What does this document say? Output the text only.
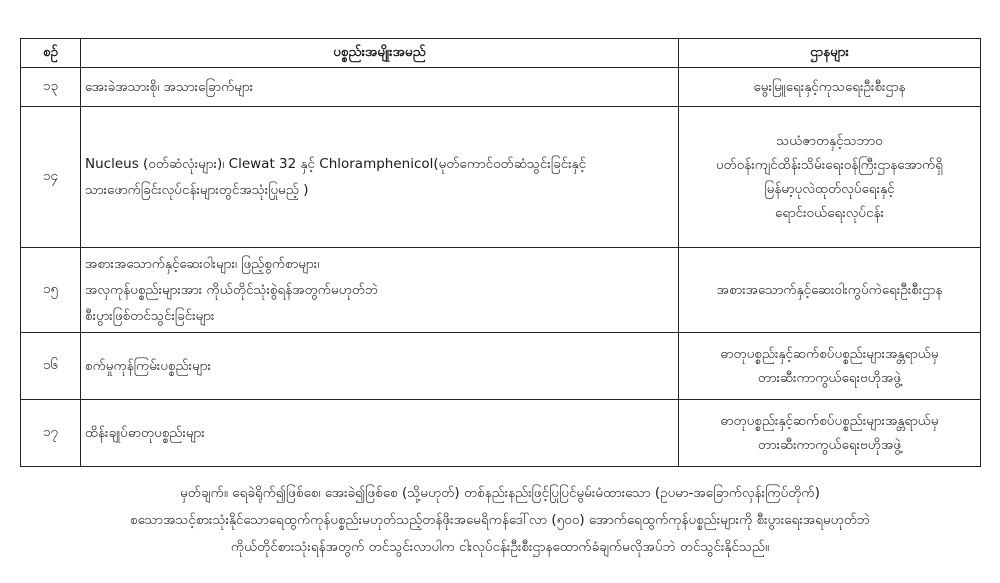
စဉ်	ပစ္စည်းအမျိုးအမည်	ဌာနများ
၁၃	အေးခဲအသားစို၊ အသားခြောက်များ	မွေးမြူရေးနှင့်ကုသရေးဦးစီးဌာန

၁၄	Nucleus (ဝတ်ဆံလုံးများ)၊ Clewat 32 နှင့် Chloramphenicol(မုတ်ကောင်ဝတ်ဆံသွင်းခြင်းနှင့်
သားဖောက်ခြင်းလုပ်ငန်းများတွင်အသုံးပြုမည့် )	သယံဇာတနှင့်သဘာဝ
ပတ်ဝန်းကျင်ထိန်းသိမ်းရေးဝန်ကြီးဌာနအောက်ရှိ
မြန်မာ့ပုလဲထုတ်လုပ်ရေးနှင့်
ရောင်းဝယ်ရေးလုပ်ငန်း

၁၅	အစားအသောက်နှင့်ဆေးဝါးများ၊ ဖြည့်စွက်စာများ၊
အလှကုန်ပစ္စည်းများအား ကိုယ်တိုင်သုံးစွဲရန်အတွက်မဟုတ်ဘဲ
စီးပွားဖြစ်တင်သွင်းခြင်းများ	အစားအသောက်နှင့်ဆေးဝါးကွပ်ကဲရေးဦးစီးဌာန

၁၆	စက်မှုကုန်ကြမ်းပစ္စည်းများ	ဓာတုပစ္စည်းနှင့်ဆက်စပ်ပစ္စည်းများအန္တရာယ်မှ
တားဆီးကာကွယ်ရေးဗဟိုအဖွဲ့

၁၇	ထိန်းချုပ်ဓာတုပစ္စည်းများ	ဓာတုပစ္စည်းနှင့်ဆက်စပ်ပစ္စည်းများအန္တရာယ်မှ
တားဆီးကာကွယ်ရေးဗဟိုအဖွဲ့
မှတ်ချက်။ ရေခဲရိုက်၍ဖြစ်စေ၊ အေးခဲ၍ဖြစ်စေ (သို့မဟုတ်) တစ်နည်းနည်းဖြင့်ပြုပြင်မွမ်းမံထားသော (ဥပမာ-အခြောက်လှန်းကြပ်တိုက်)
စသောအသင့်စားသုံးနိုင်သောရေထွက်ကုန်ပစ္စည်းမဟုတ်သည့်တန်ဖိုးအမေရိကန်ဒေါ်လာ (၅၀၀) အောက်ရေထွက်ကုန်ပစ္စည်းများကို စီးပွားရေးအရမဟုတ်ဘဲ
ကိုယ်တိုင်စားသုံးရန်အတွက် တင်သွင်းလာပါက ငါးလုပ်ငန်းဦးစီးဌာနထောက်ခံချက်မလိုအပ်ဘဲ တင်သွင်းနိုင်သည်။
